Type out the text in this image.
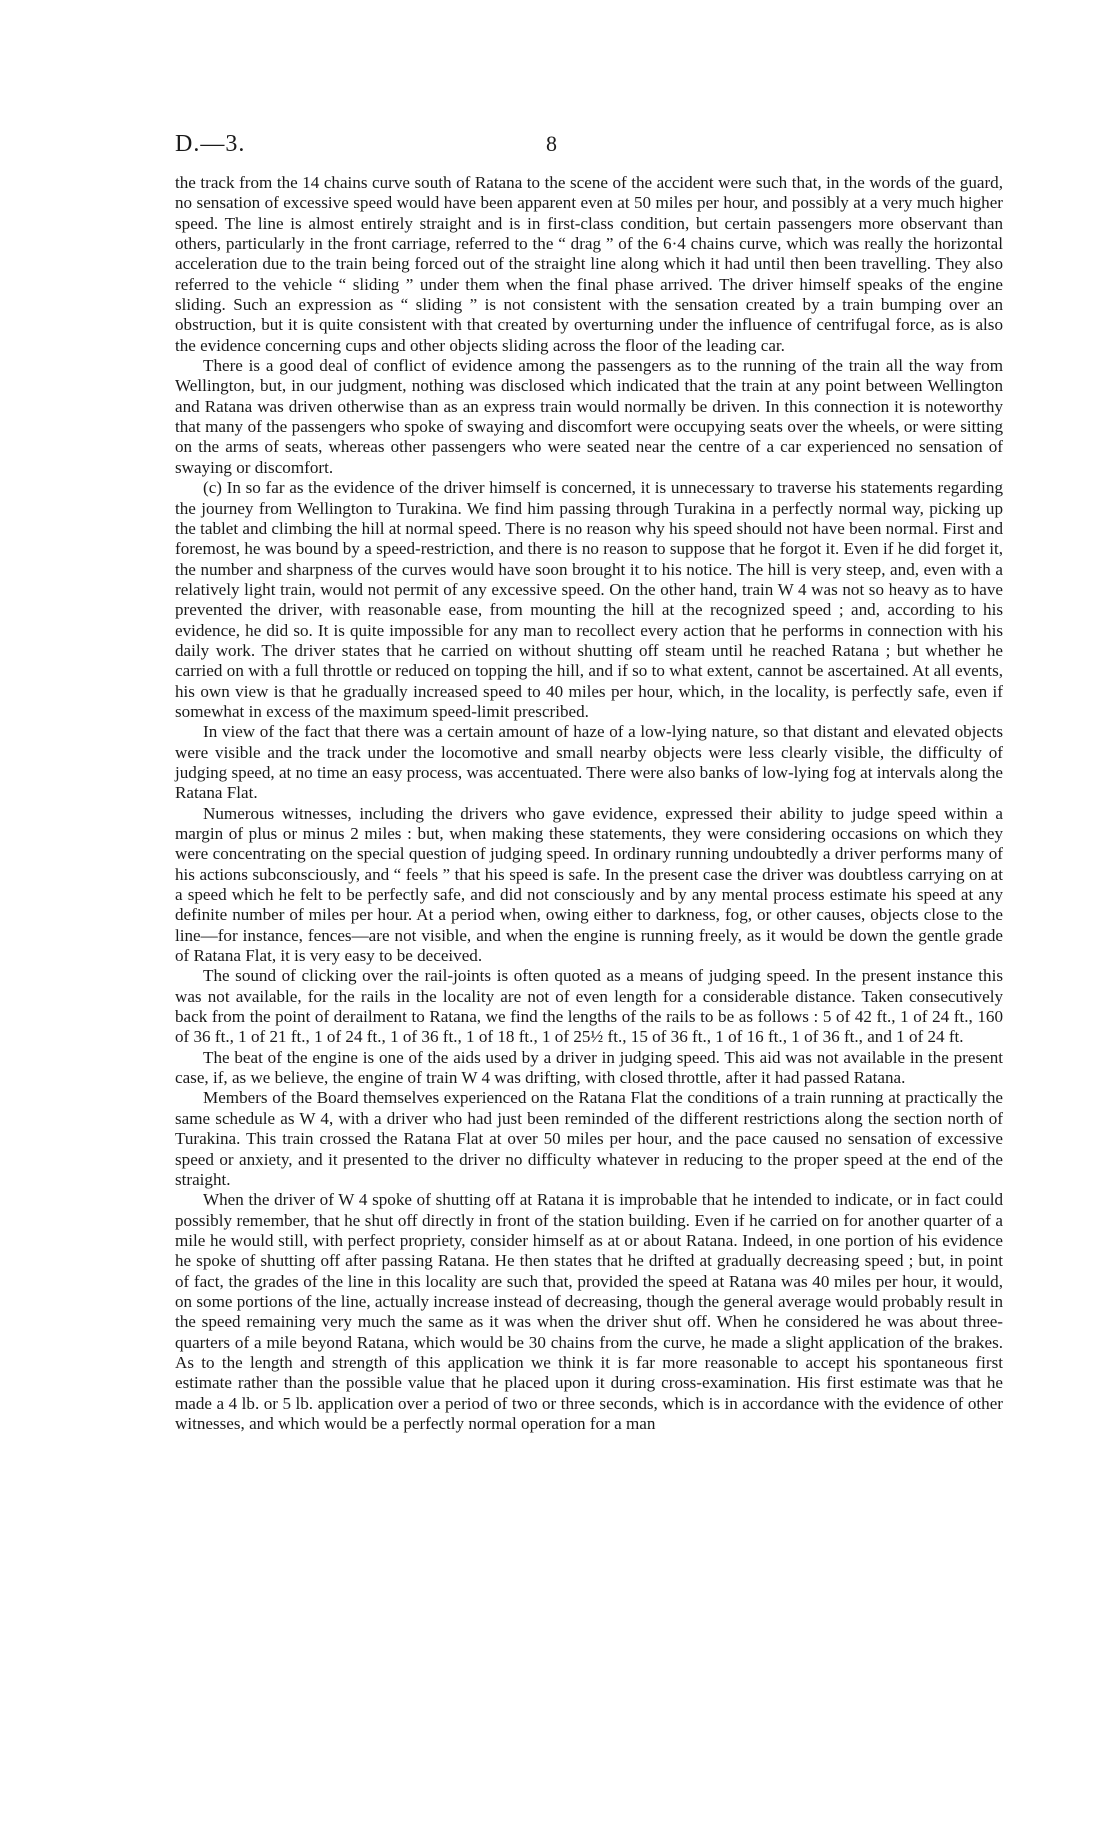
D.—3.	8

the track from the 14 chains curve south of Ratana to the scene of the accident were such that, in the words of the guard, no sensation of excessive speed would have been apparent even at 50 miles per hour, and possibly at a very much higher speed. The line is almost entirely straight and is in first-class condition, but certain passengers more observant than others, particularly in the front carriage, referred to the “ drag ” of the 6·4 chains curve, which was really the horizontal acceleration due to the train being forced out of the straight line along which it had until then been travelling. They also referred to the vehicle “ sliding ” under them when the final phase arrived. The driver himself speaks of the engine sliding. Such an expression as “ sliding ” is not consistent with the sensation created by a train bumping over an obstruction, but it is quite consistent with that created by overturning under the influence of centrifugal force, as is also the evidence concerning cups and other objects sliding across the floor of the leading car.

There is a good deal of conflict of evidence among the passengers as to the running of the train all the way from Wellington, but, in our judgment, nothing was disclosed which indicated that the train at any point between Wellington and Ratana was driven otherwise than as an express train would normally be driven. In this connection it is noteworthy that many of the passengers who spoke of swaying and discomfort were occupying seats over the wheels, or were sitting on the arms of seats, whereas other passengers who were seated near the centre of a car experienced no sensation of swaying or discomfort.

(c) In so far as the evidence of the driver himself is concerned, it is unnecessary to traverse his statements regarding the journey from Wellington to Turakina. We find him passing through Turakina in a perfectly normal way, picking up the tablet and climbing the hill at normal speed. There is no reason why his speed should not have been normal. First and foremost, he was bound by a speed-restriction, and there is no reason to suppose that he forgot it. Even if he did forget it, the number and sharpness of the curves would have soon brought it to his notice. The hill is very steep, and, even with a relatively light train, would not permit of any excessive speed. On the other hand, train W 4 was not so heavy as to have prevented the driver, with reasonable ease, from mounting the hill at the recognized speed ; and, according to his evidence, he did so. It is quite impossible for any man to recollect every action that he performs in connection with his daily work. The driver states that he carried on without shutting off steam until he reached Ratana ; but whether he carried on with a full throttle or reduced on topping the hill, and if so to what extent, cannot be ascertained. At all events, his own view is that he gradually increased speed to 40 miles per hour, which, in the locality, is perfectly safe, even if somewhat in excess of the maximum speed-limit prescribed.

In view of the fact that there was a certain amount of haze of a low-lying nature, so that distant and elevated objects were visible and the track under the locomotive and small nearby objects were less clearly visible, the difficulty of judging speed, at no time an easy process, was accentuated. There were also banks of low-lying fog at intervals along the Ratana Flat.

Numerous witnesses, including the drivers who gave evidence, expressed their ability to judge speed within a margin of plus or minus 2 miles : but, when making these statements, they were considering occasions on which they were concentrating on the special question of judging speed. In ordinary running undoubtedly a driver performs many of his actions subconsciously, and “ feels ” that his speed is safe. In the present case the driver was doubtless carrying on at a speed which he felt to be perfectly safe, and did not consciously and by any mental process estimate his speed at any definite number of miles per hour. At a period when, owing either to darkness, fog, or other causes, objects close to the line—for instance, fences—are not visible, and when the engine is running freely, as it would be down the gentle grade of Ratana Flat, it is very easy to be deceived.

The sound of clicking over the rail-joints is often quoted as a means of judging speed. In the present instance this was not available, for the rails in the locality are not of even length for a considerable distance. Taken consecutively back from the point of derailment to Ratana, we find the lengths of the rails to be as follows : 5 of 42 ft., 1 of 24 ft., 160 of 36 ft., 1 of 21 ft., 1 of 24 ft., 1 of 36 ft., 1 of 18 ft., 1 of 25½ ft., 15 of 36 ft., 1 of 16 ft., 1 of 36 ft., and 1 of 24 ft.

The beat of the engine is one of the aids used by a driver in judging speed. This aid was not available in the present case, if, as we believe, the engine of train W 4 was drifting, with closed throttle, after it had passed Ratana.

Members of the Board themselves experienced on the Ratana Flat the conditions of a train running at practically the same schedule as W 4, with a driver who had just been reminded of the different restrictions along the section north of Turakina. This train crossed the Ratana Flat at over 50 miles per hour, and the pace caused no sensation of excessive speed or anxiety, and it presented to the driver no difficulty whatever in reducing to the proper speed at the end of the straight.

When the driver of W 4 spoke of shutting off at Ratana it is improbable that he intended to indicate, or in fact could possibly remember, that he shut off directly in front of the station building. Even if he carried on for another quarter of a mile he would still, with perfect propriety, consider himself as at or about Ratana. Indeed, in one portion of his evidence he spoke of shutting off after passing Ratana. He then states that he drifted at gradually decreasing speed ; but, in point of fact, the grades of the line in this locality are such that, provided the speed at Ratana was 40 miles per hour, it would, on some portions of the line, actually increase instead of decreasing, though the general average would probably result in the speed remaining very much the same as it was when the driver shut off. When he considered he was about three-quarters of a mile beyond Ratana, which would be 30 chains from the curve, he made a slight application of the brakes. As to the length and strength of this application we think it is far more reasonable to accept his spontaneous first estimate rather than the possible value that he placed upon it during cross-examination. His first estimate was that he made a 4 lb. or 5 lb. application over a period of two or three seconds, which is in accordance with the evidence of other witnesses, and which would be a perfectly normal operation for a man
